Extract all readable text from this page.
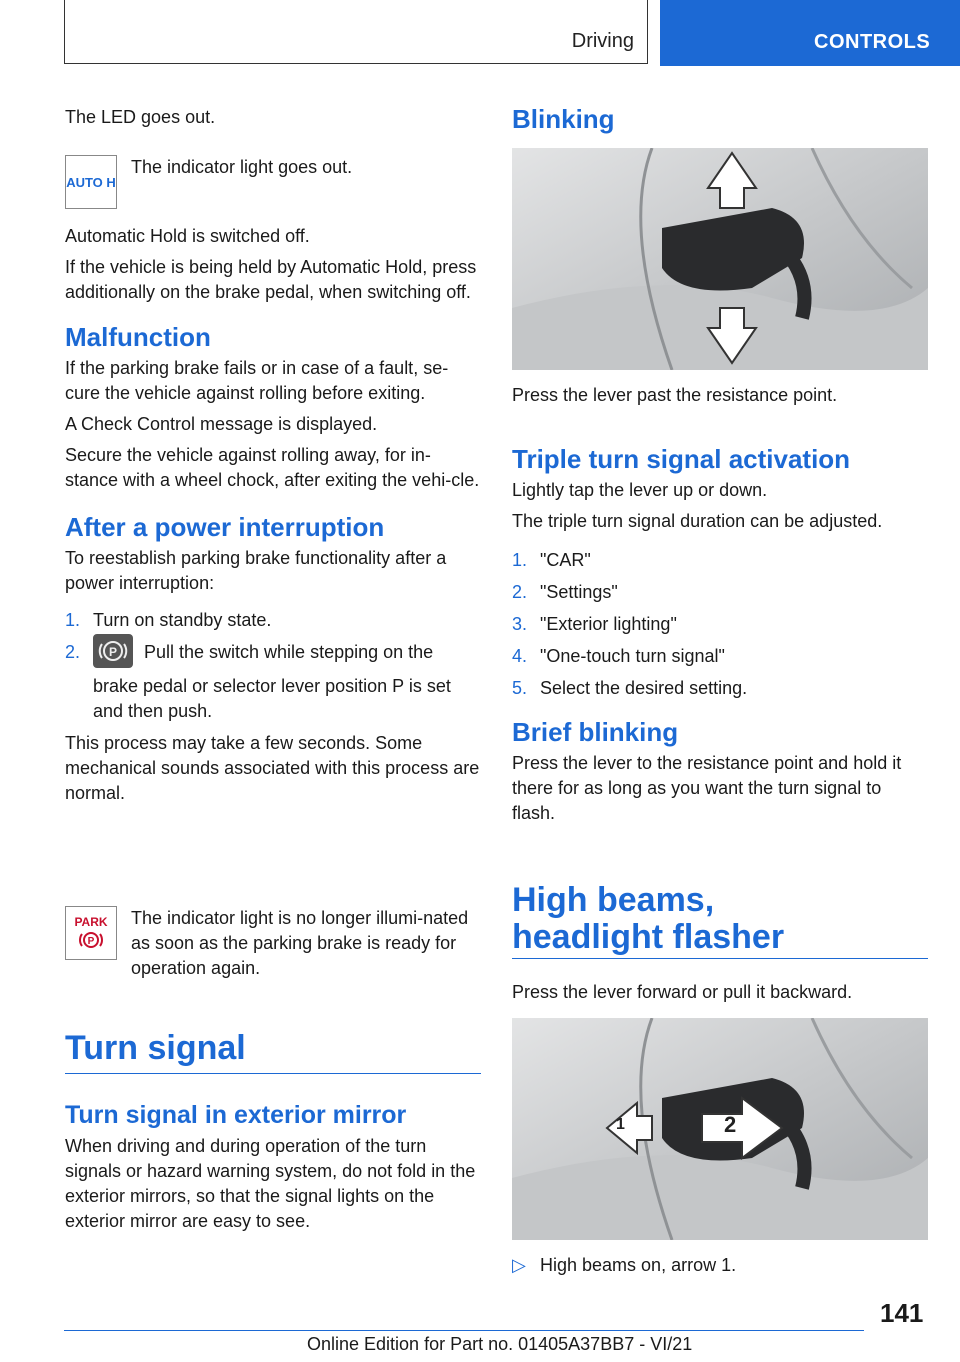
Driving	CONTROLS

The LED goes out.

AUTO H
The indicator light goes out.

Automatic Hold is switched off.

If the vehicle is being held by Automatic Hold, press additionally on the brake pedal, when switching off.

Malfunction

If the parking brake fails or in case of a fault, se‐cure the vehicle against rolling before exiting.

A Check Control message is displayed.

Secure the vehicle against rolling away, for in‐stance with a wheel chock, after exiting the vehi‐cle.

After a power interruption

To reestablish parking brake functionality after a power interruption:

1. Turn on standby state.
2. P Pull the switch while stepping on the brake pedal or selector lever position P is set and then push.

This process may take a few seconds. Some mechanical sounds associated with this process are normal.

PARK
P
The indicator light is no longer illumi‐nated as soon as the parking brake is ready for operation again.
Turn signal
Turn signal in exterior mirror

When driving and during operation of the turn signals or hazard warning system, do not fold in the exterior mirrors, so that the signal lights on the exterior mirror are easy to see.

Blinking
Press the lever past the resistance point.
Triple turn signal activation

Lightly tap the lever up or down.

The triple turn signal duration can be adjusted.

1. "CAR"
2. "Settings"
3. "Exterior lighting"
4. "One-touch turn signal"
5. Select the desired setting.
Brief blinking

Press the lever to the resistance point and hold it there for as long as you want the turn signal to flash.

High beams,
headlight flasher
Press the lever forward or pull it backward.
1	2
▷ High beams on, arrow 1.
141
Online Edition for Part no. 01405A37BB7 - VI/21
